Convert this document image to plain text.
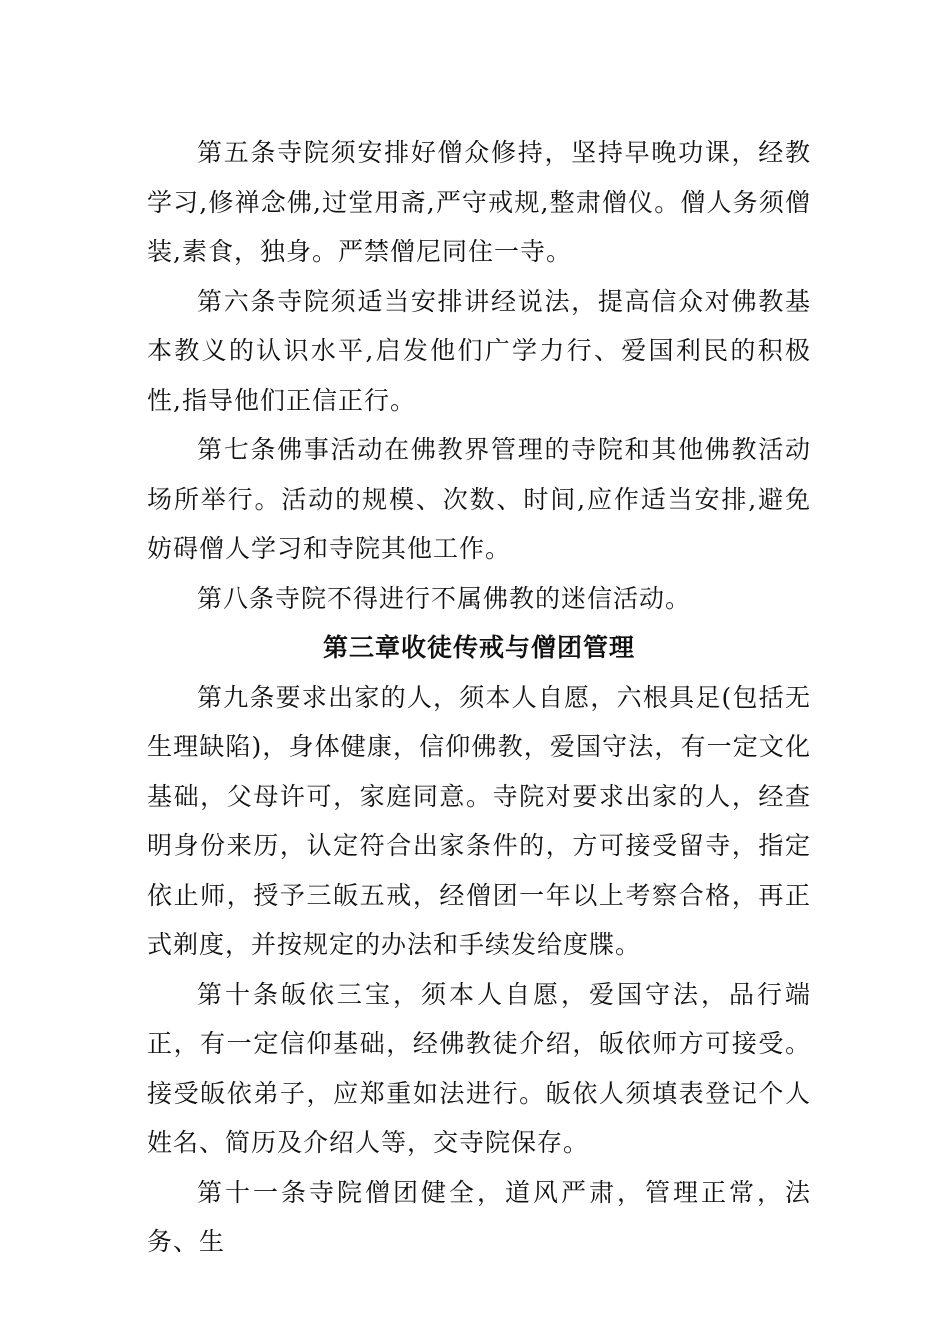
第五条寺院须安排好僧众修持，坚持早晚功课，经教学习,修禅念佛,过堂用斋,严守戒规,整肃僧仪。僧人务须僧装,素食，独身。严禁僧尼同住一寺。

第六条寺院须适当安排讲经说法，提高信众对佛教基本教义的认识水平,启发他们广学力行、爱国利民的积极性,指导他们正信正行。

第七条佛事活动在佛教界管理的寺院和其他佛教活动场所举行。活动的规模、次数、时间,应作适当安排,避免妨碍僧人学习和寺院其他工作。

第八条寺院不得进行不属佛教的迷信活动。

第三章收徒传戒与僧团管理

第九条要求出家的人，须本人自愿，六根具足(包括无生理缺陷)，身体健康，信仰佛教，爱国守法，有一定文化基础，父母许可，家庭同意。寺院对要求出家的人，经查明身份来历，认定符合出家条件的，方可接受留寺，指定依止师，授予三皈五戒，经僧团一年以上考察合格，再正式剃度，并按规定的办法和手续发给度牒。

第十条皈依三宝，须本人自愿，爱国守法，品行端正，有一定信仰基础，经佛教徒介绍，皈依师方可接受。接受皈依弟子，应郑重如法进行。皈依人须填表登记个人姓名、简历及介绍人等，交寺院保存。

第十一条寺院僧团健全，道风严肃，管理正常，法务、生
